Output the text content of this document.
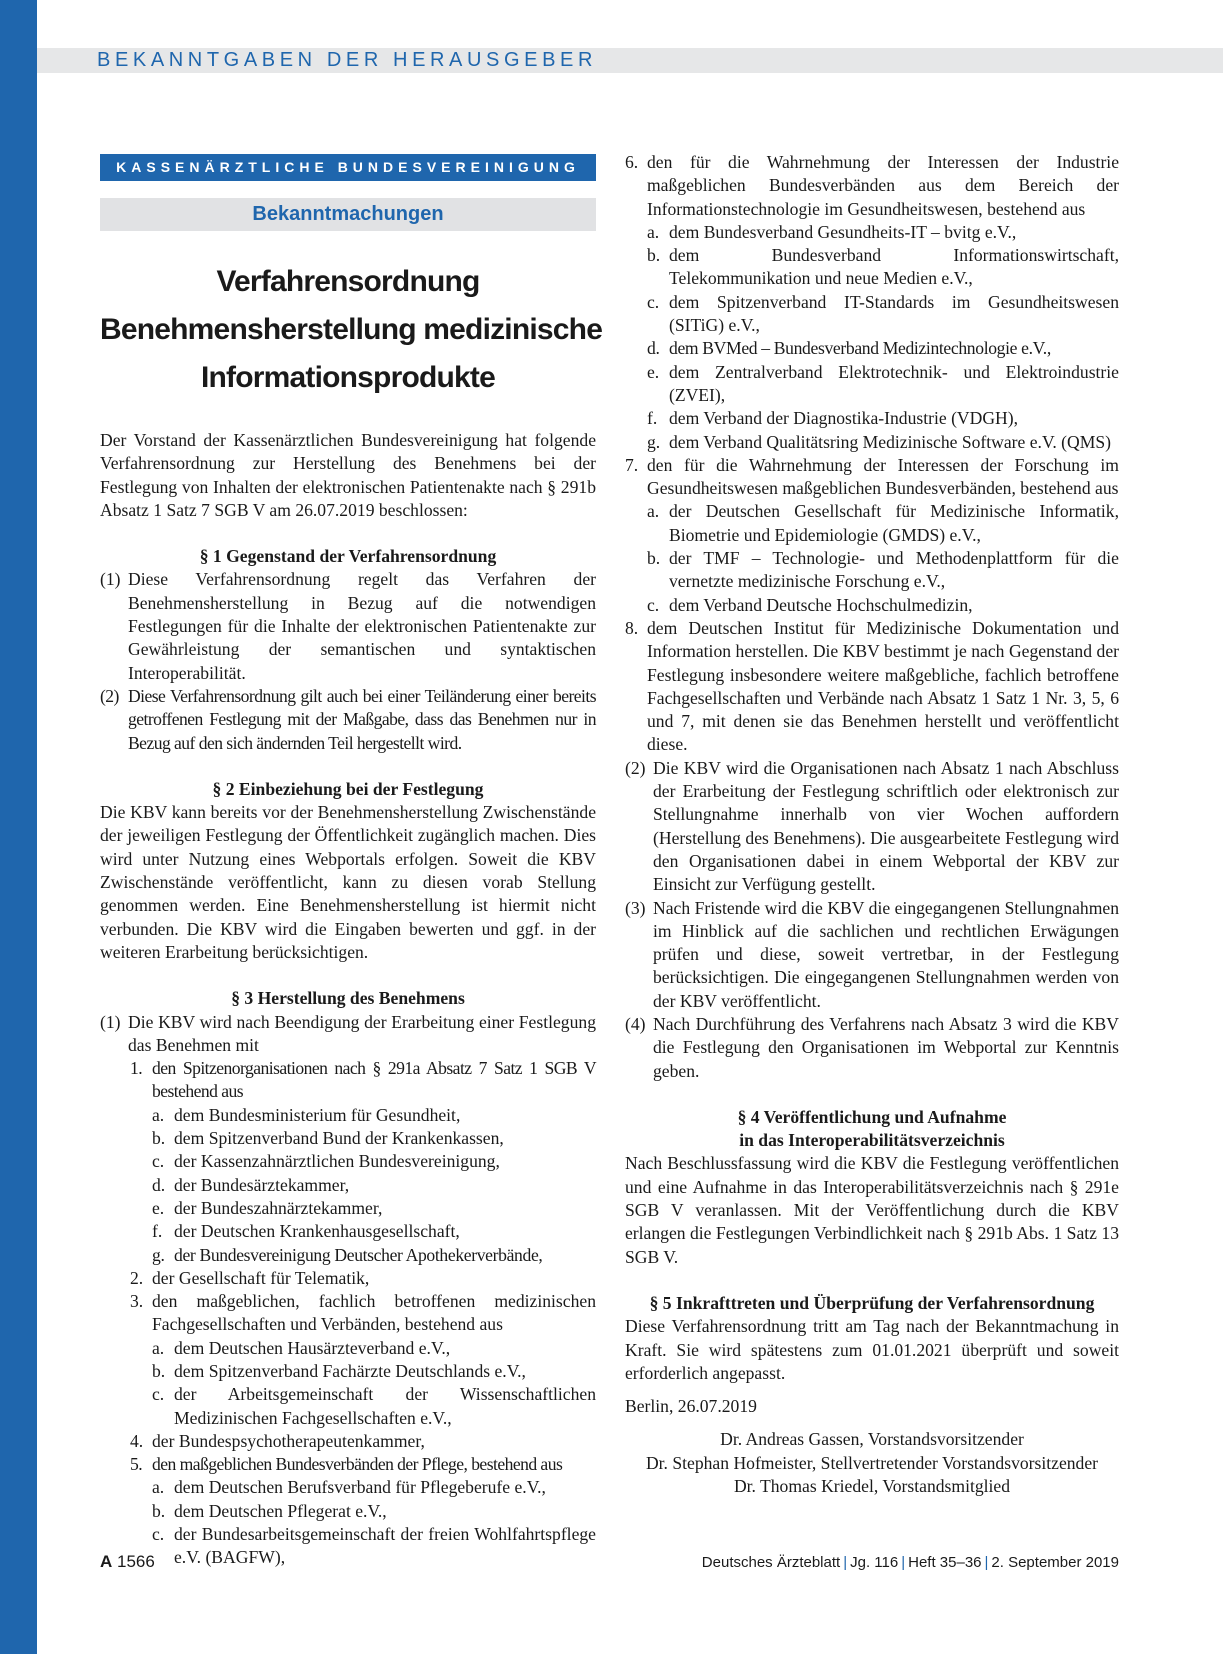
BEKANNTGABEN DER HERAUSGEBER
KASSENÄRZTLICHE BUNDESVEREINIGUNG
Bekanntmachungen
Verfahrensordnung
Benehmensherstellung medizinische
Informationsprodukte

Der Vorstand der Kassenärztlichen Bundesvereinigung hat folgende Verfahrensordnung zur Herstellung des Benehmens bei der Festlegung von Inhalten der elektronischen Patientenakte nach § 291b Absatz 1 Satz 7 SGB V am 26.07.2019 beschlossen:

§ 1 Gegenstand der Verfahrensordnung

(1) Diese Verfahrensordnung regelt das Verfahren der Benehmensherstellung in Bezug auf die notwendigen Festlegungen für die Inhalte der elektronischen Patientenakte zur Gewährleistung der semantischen und syntaktischen Interoperabilität.
(2) Diese Verfahrensordnung gilt auch bei einer Teiländerung einer bereits getroffenen Festlegung mit der Maßgabe, dass das Benehmen nur in Bezug auf den sich ändernden Teil hergestellt wird.

§ 2 Einbeziehung bei der Festlegung

Die KBV kann bereits vor der Benehmensherstellung Zwischenstände der jeweiligen Festlegung der Öffentlichkeit zugänglich machen. Dies wird unter Nutzung eines Webportals erfolgen. Soweit die KBV Zwischenstände veröffentlicht, kann zu diesen vorab Stellung genommen werden. Eine Benehmensherstellung ist hiermit nicht verbunden. Die KBV wird die Eingaben bewerten und ggf. in der weiteren Erarbeitung berücksichtigen.

§ 3 Herstellung des Benehmens

(1) Die KBV wird nach Beendigung der Erarbeitung einer Festlegung das Benehmen mit
1. den Spitzenorganisationen nach § 291a Absatz 7 Satz 1 SGB V bestehend aus
a. dem Bundesministerium für Gesundheit,
b. dem Spitzenverband Bund der Krankenkassen,
c. der Kassenzahnärztlichen Bundesvereinigung,
d. der Bundesärztekammer,
e. der Bundeszahnärztekammer,
f. der Deutschen Krankenhausgesellschaft,
g. der Bundesvereinigung Deutscher Apothekerverbände,
2. der Gesellschaft für Telematik,
3. den maßgeblichen, fachlich betroffenen medizinischen Fachgesellschaften und Verbänden, bestehend aus
a. dem Deutschen Hausärzteverband e.V.,
b. dem Spitzenverband Fachärzte Deutschlands e.V.,
c. der Arbeitsgemeinschaft der Wissenschaftlichen Medizinischen Fachgesellschaften e.V.,
4. der Bundespsychotherapeutenkammer,
5. den maßgeblichen Bundesverbänden der Pflege, bestehend aus
a. dem Deutschen Berufsverband für Pflegeberufe e.V.,
b. dem Deutschen Pflegerat e.V.,
c. der Bundesarbeitsgemeinschaft der freien Wohlfahrtspflege e.V. (BAGFW),
6. den für die Wahrnehmung der Interessen der Industrie maßgeblichen Bundesverbänden aus dem Bereich der Informationstechnologie im Gesundheitswesen, bestehend aus
a. dem Bundesverband Gesundheits-IT – bvitg e.V.,
b. dem Bundesverband Informationswirtschaft, Telekommunikation und neue Medien e.V.,
c. dem Spitzenverband IT-Standards im Gesundheitswesen (SITiG) e.V.,
d. dem BVMed – Bundesverband Medizintechnologie e.V.,
e. dem Zentralverband Elektrotechnik- und Elektroindustrie (ZVEI),
f. dem Verband der Diagnostika-Industrie (VDGH),
g. dem Verband Qualitätsring Medizinische Software e.V. (QMS)
7. den für die Wahrnehmung der Interessen der Forschung im Gesundheitswesen maßgeblichen Bundesverbänden, bestehend aus
a. der Deutschen Gesellschaft für Medizinische Informatik, Biometrie und Epidemiologie (GMDS) e.V.,
b. der TMF – Technologie- und Methodenplattform für die vernetzte medizinische Forschung e.V.,
c. dem Verband Deutsche Hochschulmedizin,
8. dem Deutschen Institut für Medizinische Dokumentation und Information herstellen. Die KBV bestimmt je nach Gegenstand der Festlegung insbesondere weitere maßgebliche, fachlich betroffene Fachgesellschaften und Verbände nach Absatz 1 Satz 1 Nr. 3, 5, 6 und 7, mit denen sie das Benehmen herstellt und veröffentlicht diese.
(2) Die KBV wird die Organisationen nach Absatz 1 nach Abschluss der Erarbeitung der Festlegung schriftlich oder elektronisch zur Stellungnahme innerhalb von vier Wochen auffordern (Herstellung des Benehmens). Die ausgearbeitete Festlegung wird den Organisationen dabei in einem Webportal der KBV zur Einsicht zur Verfügung gestellt.
(3) Nach Fristende wird die KBV die eingegangenen Stellungnahmen im Hinblick auf die sachlichen und rechtlichen Erwägungen prüfen und diese, soweit vertretbar, in der Festlegung berücksichtigen. Die eingegangenen Stellungnahmen werden von der KBV veröffentlicht.
(4) Nach Durchführung des Verfahrens nach Absatz 3 wird die KBV die Festlegung den Organisationen im Webportal zur Kenntnis geben.

§ 4 Veröffentlichung und Aufnahme

in das Interoperabilitätsverzeichnis

Nach Beschlussfassung wird die KBV die Festlegung veröffentlichen und eine Aufnahme in das Interoperabilitätsverzeichnis nach § 291e SGB V veranlassen. Mit der Veröffentlichung durch die KBV erlangen die Festlegungen Verbindlichkeit nach § 291b Abs. 1 Satz 13 SGB V.

§ 5 Inkrafttreten und Überprüfung der Verfahrensordnung

Diese Verfahrensordnung tritt am Tag nach der Bekanntmachung in Kraft. Sie wird spätestens zum 01.01.2021 überprüft und soweit erforderlich angepasst.

Berlin, 26.07.2019

Dr. Andreas Gassen, Vorstandsvorsitzender

Dr. Stephan Hofmeister, Stellvertretender Vorstandsvorsitzender

Dr. Thomas Kriedel, Vorstandsmitglied

A 1566	Deutsches Ärzteblatt | Jg. 116 | Heft 35–36 | 2. September 2019
